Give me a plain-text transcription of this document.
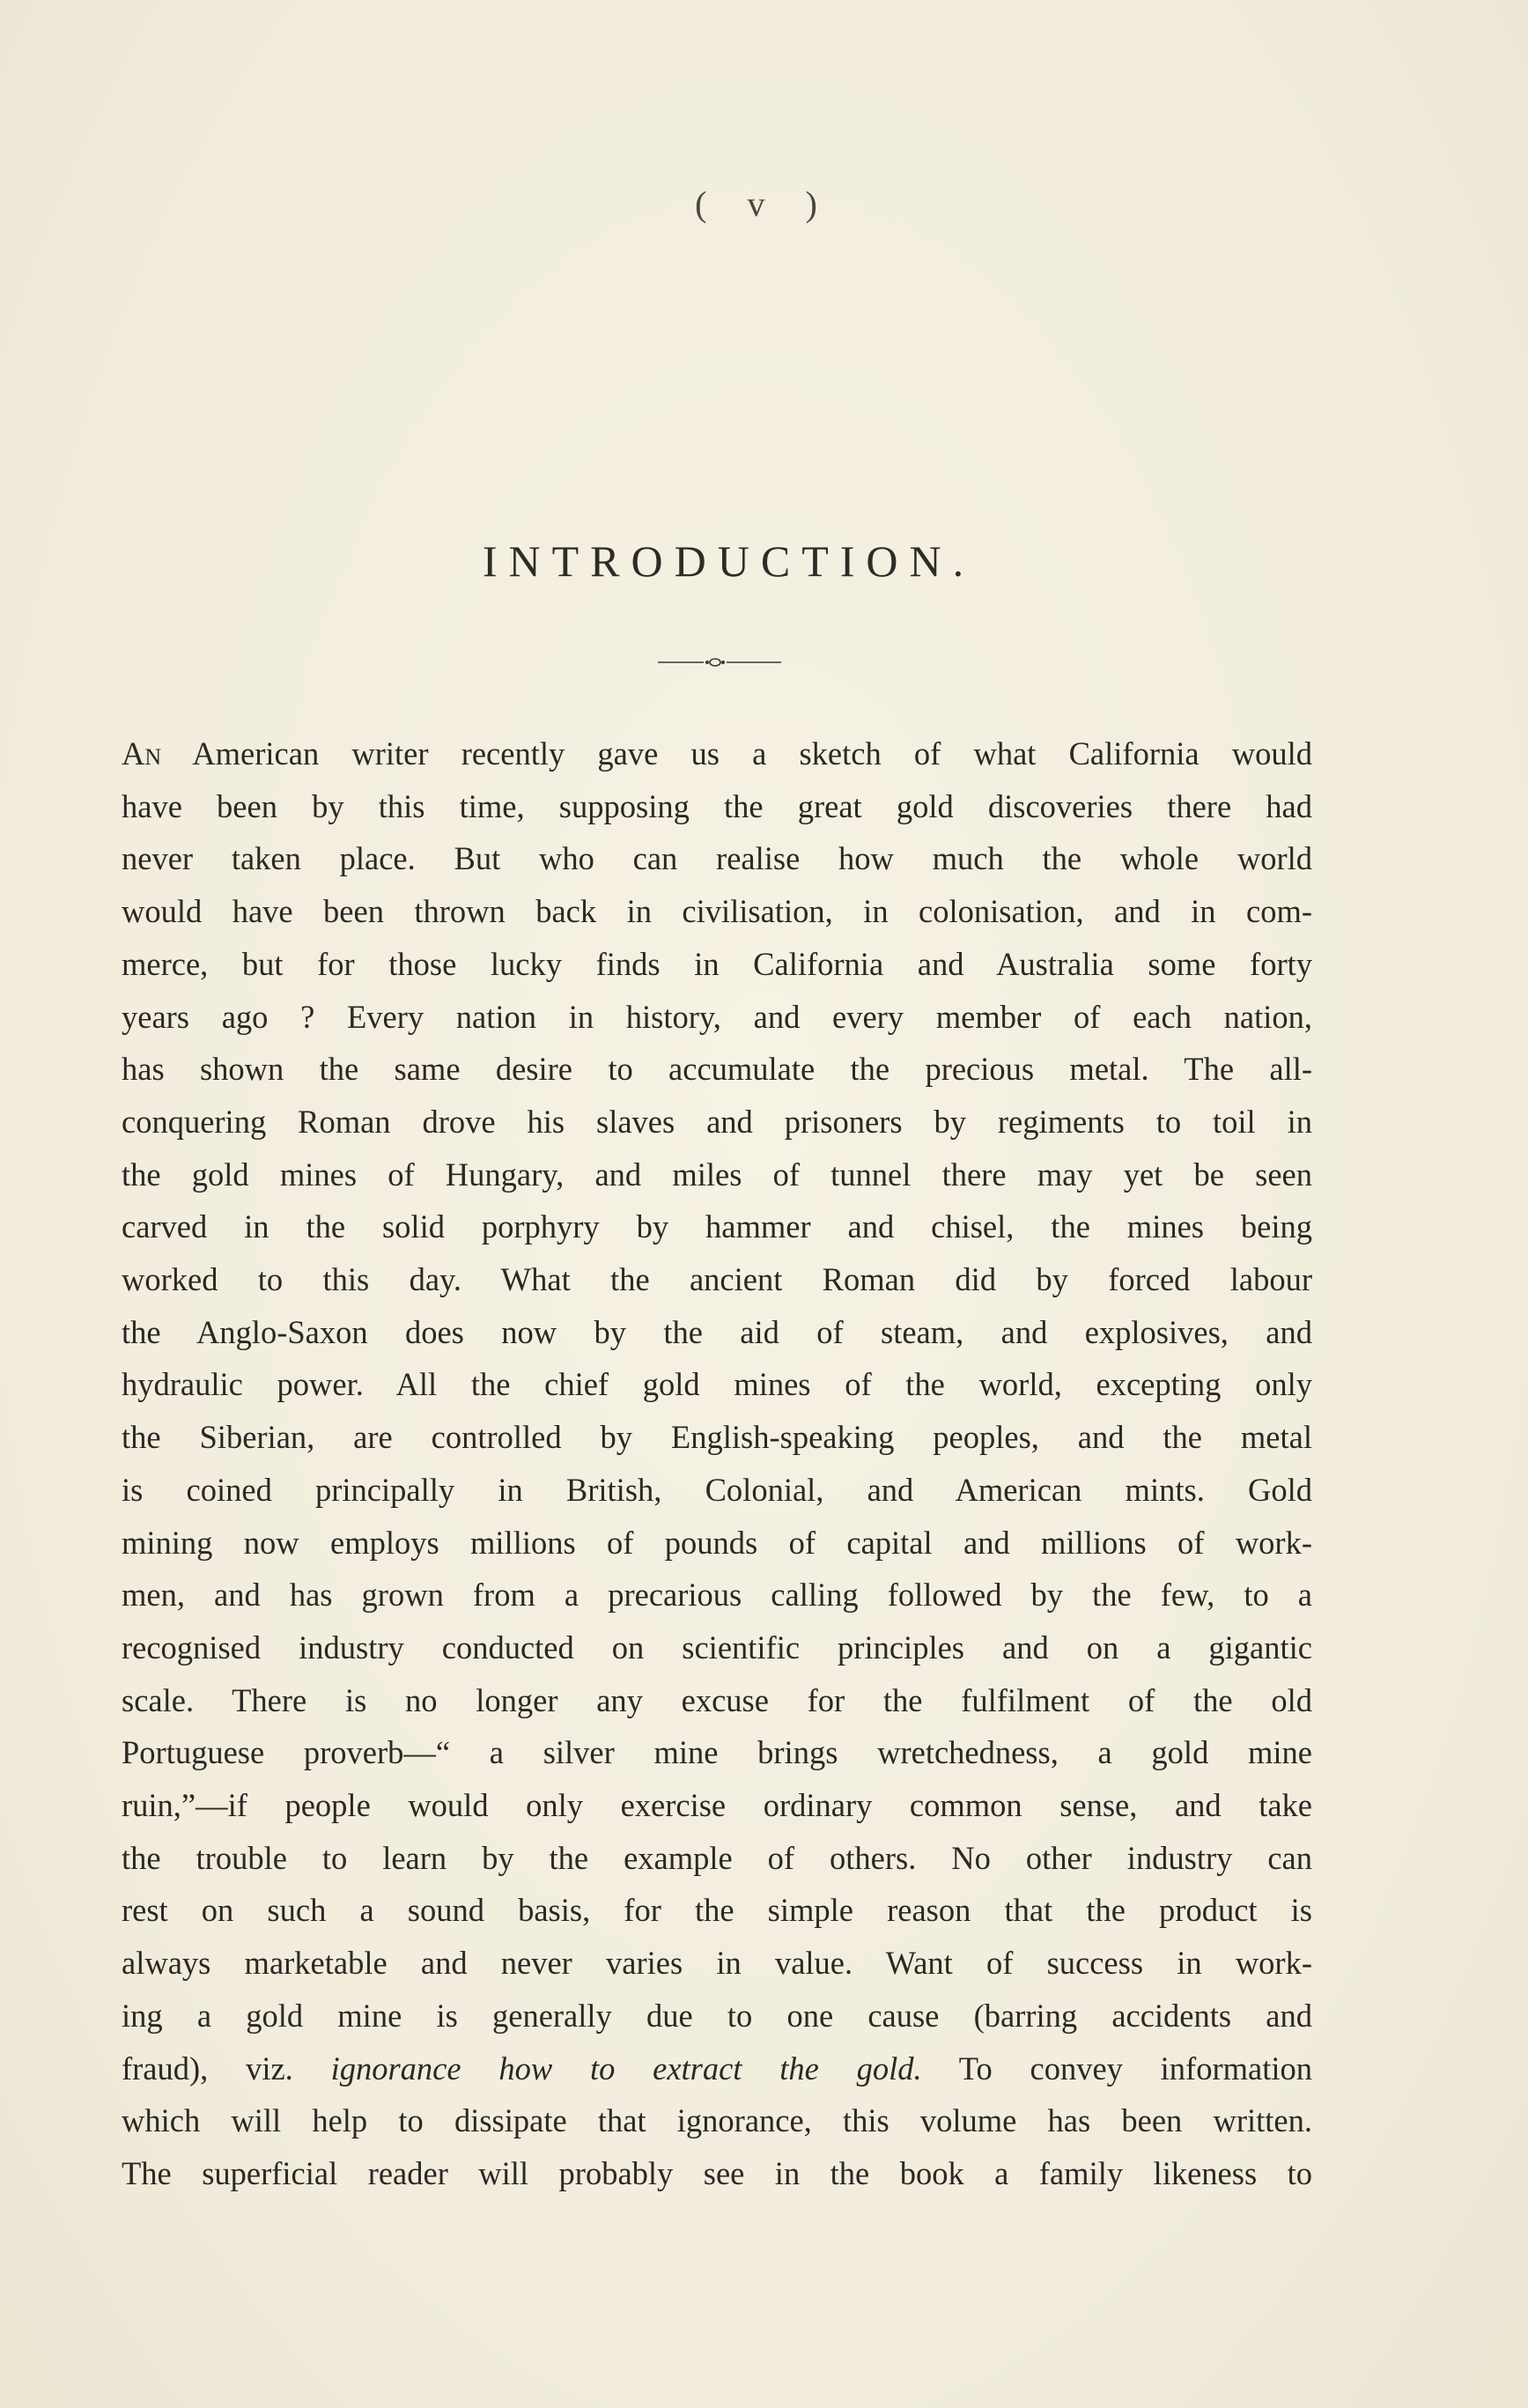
( v )
INTRODUCTION.
An American writer recently gave us a sketch of what California would
have been by this time, supposing the great gold discoveries there had
never taken place. But who can realise how much the whole world
would have been thrown back in civilisation, in colonisation, and in com-
merce, but for those lucky finds in California and Australia some forty
years ago ? Every nation in history, and every member of each nation,
has shown the same desire to accumulate the precious metal. The all-
conquering Roman drove his slaves and prisoners by regiments to toil in
the gold mines of Hungary, and miles of tunnel there may yet be seen
carved in the solid porphyry by hammer and chisel, the mines being
worked to this day. What the ancient Roman did by forced labour
the Anglo-Saxon does now by the aid of steam, and explosives, and
hydraulic power. All the chief gold mines of the world, excepting only
the Siberian, are controlled by English-speaking peoples, and the metal
is coined principally in British, Colonial, and American mints. Gold
mining now employs millions of pounds of capital and millions of work-
men, and has grown from a precarious calling followed by the few, to a
recognised industry conducted on scientific principles and on a gigantic
scale. There is no longer any excuse for the fulfilment of the old
Portuguese proverb—“ a silver mine brings wretchedness, a gold mine
ruin,”—if people would only exercise ordinary common sense, and take
the trouble to learn by the example of others. No other industry can
rest on such a sound basis, for the simple reason that the product is
always marketable and never varies in value. Want of success in work-
ing a gold mine is generally due to one cause (barring accidents and
fraud), viz. ignorance how to extract the gold. To convey information
which will help to dissipate that ignorance, this volume has been written.
The superficial reader will probably see in the book a family likeness to
